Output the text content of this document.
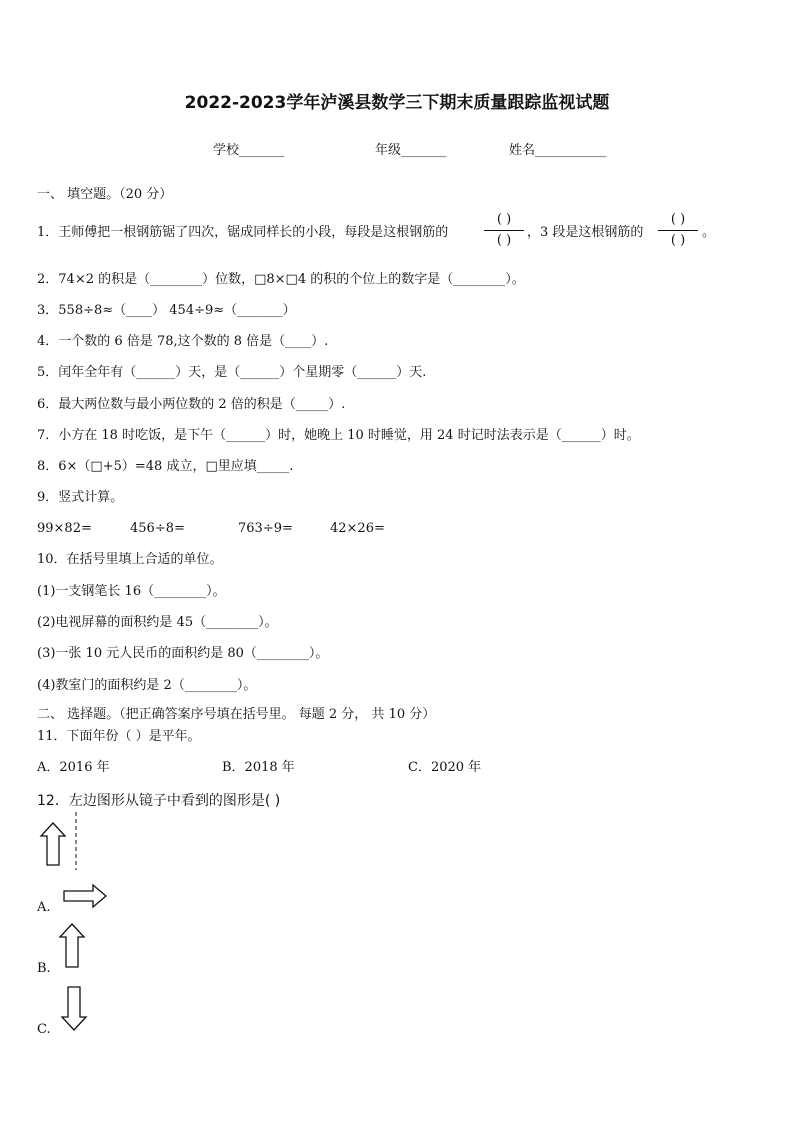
2022-2023学年泸溪县数学三下期末质量跟踪监视试题
学校_______	年级_______	姓名___________
一、 填空题。（20 分）
1．王师傅把一根钢筋锯了四次，锯成同样长的小段，每段是这根钢筋的
( )
( )
，3 段是这根钢筋的
( )
( )
。
2．74×2 的积是（________）位数，□8×□4 的积的个位上的数字是（________）。
3．558÷8≈（____） 454÷9≈（_______）
4．一个数的 6 倍是 78,这个数的 8 倍是（____）.
5．闰年全年有（______）天，是（______）个星期零（______）天.
6．最大两位数与最小两位数的 2 倍的积是（_____）.
7．小方在 18 时吃饭，是下午（______）时，她晚上 10 时睡觉，用 24 时记时法表示是（______）时。
8．6×（□+5）=48 成立，□里应填_____.
9．竖式计算。
99×82=	456÷8=	763÷9=	42×26=
10．在括号里填上合适的单位。
(1)一支钢笔长 16（________）。
(2)电视屏幕的面积约是 45（________）。
(3)一张 10 元人民币的面积约是 80（________）。
(4)教室门的面积约是 2（________）。
二、 选择题。（把正确答案序号填在括号里。 每题 2 分， 共 10 分）
11．下面年份（ ）是平年。
A．2016 年	B．2018 年	C．2020 年
12．左边图形从镜子中看到的图形是( )
A.
B.
C.
